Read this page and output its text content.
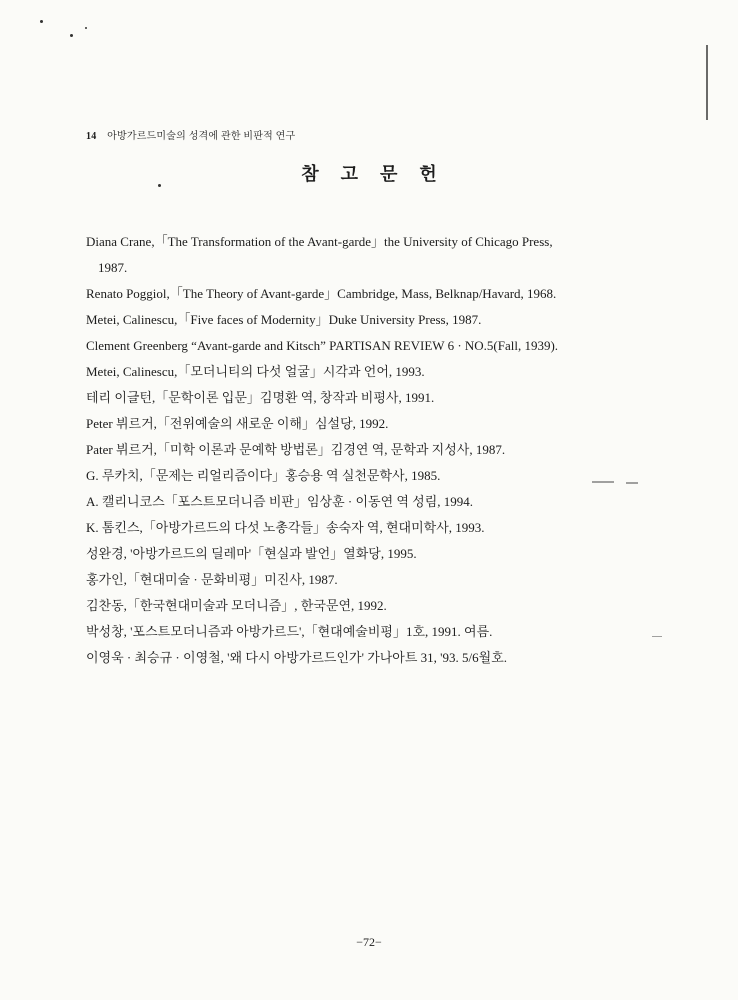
14 아방가르드미술의 성격에 관한 비판적 연구
참고문헌
Diana Crane,「The Transformation of the Avant-garde」the University of Chicago Press,
1987.
Renato Poggiol,「The Theory of Avant-garde」Cambridge, Mass, Belknap/Havard, 1968.
Metei, Calinescu,「Five faces of Modernity」Duke University Press, 1987.
Clement Greenberg “Avant-garde and Kitsch” PARTISAN REVIEW 6 · NO.5(Fall, 1939).
Metei, Calinescu,「모더니티의 다섯 얼굴」시각과 언어, 1993.
테리 이글턴,「문학이론 입문」김명환 역, 창작과 비평사, 1991.
Peter 뷔르거,「전위예술의 새로운 이해」심설당, 1992.
Pater 뷔르거,「미학 이론과 문예학 방법론」김경연 역, 문학과 지성사, 1987.
G. 루카치,「문제는 리얼리즘이다」홍승용 역 실천문학사, 1985.
A. 캘리니코스「포스트모더니즘 비판」임상훈 · 이동연 역 성림, 1994.
K. 톰킨스,「아방가르드의 다섯 노총각들」송숙자 역, 현대미학사, 1993.
성완경, '아방가르드의 딜레마'「현실과 발언」열화당, 1995.
홍가인,「현대미술 · 문화비평」미진사, 1987.
김찬동,「한국현대미술과 모더니즘」, 한국문연, 1992.
박성창, '포스트모더니즘과 아방가르드',「현대예술비평」1호, 1991. 여름.
이영욱 · 최승규 · 이영철, '왜 다시 아방가르드인가' 가나아트 31, '93. 5/6월호.
−72−
